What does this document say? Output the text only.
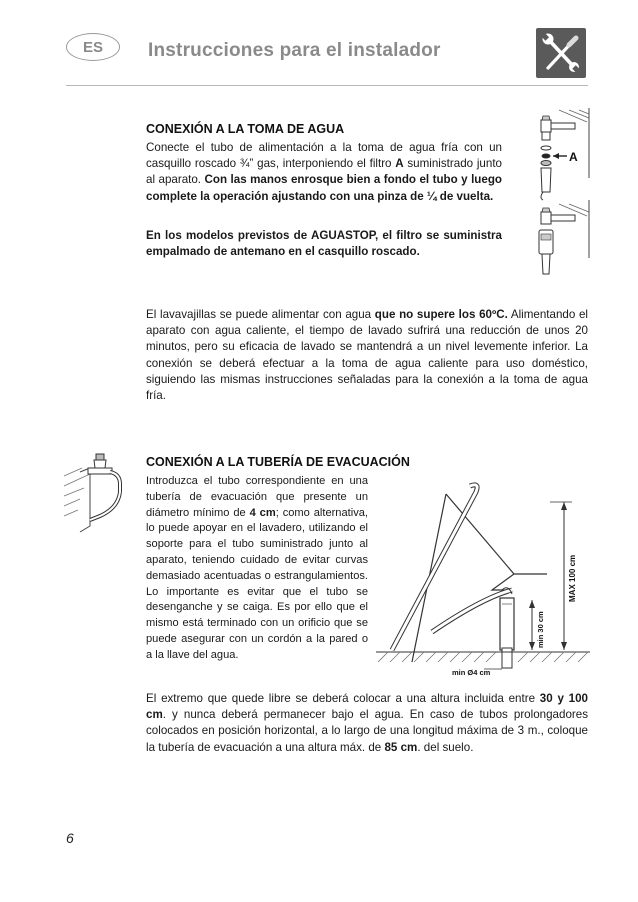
ES Instrucciones para el instalador
CONEXIÓN A LA TOMA DE AGUA
Conecte el tubo de alimentación a la toma de agua fría con un casquillo roscado ¾” gas, interponiendo el filtro A suministrado junto al aparato. Con las manos enrosque bien a fondo el tubo y luego complete la operación ajustando con una pinza de ¼ de vuelta.
En los modelos previstos de AGUASTOP, el filtro se suministra empalmado de antemano en el casquillo roscado.
A
El lavavajillas se puede alimentar con agua que no supere los 60ºC. Alimentando el aparato con agua caliente, el tiempo de lavado sufrirá una reducción de unos 20 minutos, pero su eficacia de lavado se mantendrá a un nivel levemente inferior. La conexión se deberá efectuar a la toma de agua caliente para uso doméstico, siguiendo las mismas instrucciones señaladas para la conexión a la toma de agua fría.
CONEXIÓN A LA TUBERÍA DE EVACUACIÓN
Introduzca el tubo correspondiente en una tubería de evacuación que presente un diámetro mínimo de 4 cm; como alternativa, lo puede apoyar en el lavadero, utilizando el soporte para el tubo suministrado junto al aparato, teniendo cuidado de evitar curvas demasiado acentuadas o estrangulamientos. Lo importante es evitar que el tubo se desenganche y se caiga. Es por ello que el mismo está terminado con un orificio que se puede asegurar con un cordón a la pared o a la llave del agua.
MAX 100 cm
min 30 cm
min Ø4 cm
El extremo que quede libre se deberá colocar a una altura incluida entre 30 y 100 cm. y nunca deberá permanecer bajo el agua. En caso de tubos prolongadores colocados en posición horizontal, a lo largo de una longitud máxima de 3 m., coloque la tubería de evacuación a una altura máx. de 85 cm. del suelo.
6
